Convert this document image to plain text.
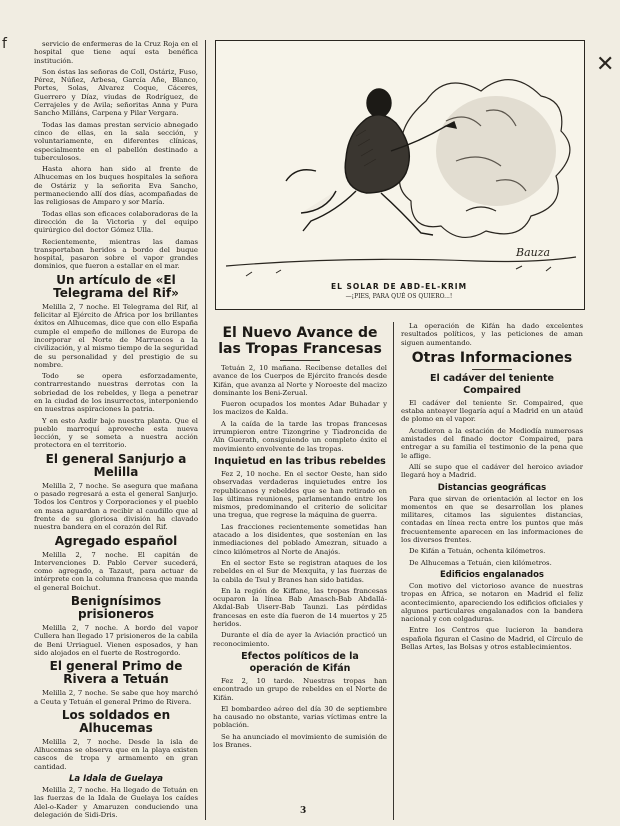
f
✕

servicio de enfermeras de la Cruz Roja en el hospital que tiene aquí esta benéfica institución.

Son éstas las señoras de Coll, Ostáriz, Fuso, Pérez, Núñez, Arbesa, García Añe, Blanco, Portes, Solas, Alvarez Coque, Cáceres, Guerrero y Díaz, viudas de Rodríguez, de Cerrajeles y de Avila; señoritas Anna y Pura Sancho Milláns, Carpena y Pilar Vergara.

Todas las damas prestan servicio abnegado cinco de ellas, en la sala sección, y voluntariamente, en diferentes clínicas, especialmente en el pabellón destinado a tuberculosos.

Hasta ahora han sido al frente de Alhucemas en los buques hospitales la señora de Ostáriz y la señorita Eva Sancho, permaneciendo allí dos días, acompañadas de las religiosas de Amparo y sor María.

Todas ellas son eficaces colaboradoras de la dirección de la Victoria y del equipo quirúrgico del doctor Gómez Ulla.

Recientemente, mientras las damas transportaban heridos a bordo del buque hospital, pasaron sobre el vapor grandes dominios, que fueron a estallar en el mar.

Un artículo de «El Telegrama del Rif»

Melilla 2, 7 noche. El Telegrama del Rif, al felicitar al Ejército de África por los brillantes éxitos en Alhucemas, dice que con ello España cumple el empeño de millones de Europa de incorporar el Norte de Marruecos a la civilización, y al mismo tiempo de la seguridad de su personalidad y del prestigio de su nombre.

Todo se opera esforzadamente, contrarrestando nuestras derrotas con la sobriedad de los rebeldes, y llega a penetrar en la ciudad de los insurrectos, interponiendo en nuestras aspiraciones la patria.

Y en esto Axdir bajo nuestra planta. Que el pueblo marroquí aproveche esta nueva lección, y se someta a nuestra acción protectora en el territorio.

El general Sanjurjo a Melilla

Melilla 2, 7 noche. Se asegura que mañana o pasado regresará a esta el general Sanjurjo. Todos los Centros y Corporaciones y el pueblo en masa aguardan a recibir al caudillo que al frente de su gloriosa división ha clavado nuestra bandera en el corazón del Rif.

Agregado español

Melilla 2, 7 noche. El capitán de Intervenciones D. Pablo Cerver sucederá, como agregado, a Tazaut, para actuar de intérprete con la columna francesa que manda el general Boichut.

Benignísimos prisioneros

Melilla 2, 7 noche. A bordo del vapor Cullera han llegado 17 prisioneros de la cabila de Beni Urriaguel. Vienen esposados, y han sido alojados en el fuerte de Rostrogordo.

El general Primo de Rivera a Tetuán

Melilla 2, 7 noche. Se sabe que hoy marchó a Ceuta y Tetuán el general Primo de Rivera.

Los soldados en Alhucemas

Melilla 2, 7 noche. Desde la isla de Alhucemas se observa que en la playa existen cascos de tropa y armamento en gran cantidad.

La Idala de Guelaya

Melilla 2, 7 noche. Ha llegado de Tetuán en las fuerzas de la Idala de Guelaya los caídes Alel-o-Kader y Amaruzen conduciendo una delegación de Sidi-Dris.

Bauza
EL SOLAR DE ABD-EL-KRIM
—¡PIES, PARA QUÉ OS QUIERO...!
El Nuevo Avance de las Tropas Francesas

Tetuán 2, 10 mañana. Recibense detalles del avance de los Cuerpos de Ejército francés desde Kifán, que avanza al Norte y Noroeste del macizo dominante los Beni-Zerual.

Fueron ocupados los montes Adar Buhadar y los macizos de Kalda.

A la caída de la tarde las tropas francesas irrumpieron entre Tizongrine y Tiadroncida de Aïn Guerath, consiguiendo un completo éxito el movimiento envolvente de las tropas.

Inquietud en las tribus rebeldes

Fez 2, 10 noche. En el sector Oeste, han sido observadas verdaderas inquietudes entre los republicanos y rebeldes que se han retirado en las últimas reuniones, parlamentando entre los mismos, predominando el criterio de solicitar una tregua, que regrese la máquina de guerra.

Las fracciones recientemente sometidas han atacado a los disidentes, que sostenían en las inmediaciones del poblado Amezran, situado a cinco kilómetros al Norte de Anajós.

En el sector Este se registran ataques de los rebeldes en el Sur de Mexquita, y las fuerzas de la cabila de Tsul y Branes han sido batidas.

En la región de Kiffane, las tropas francesas ocuparon la línea Bab Amasch-Bab Abdallá-Akdal-Bab Uiserr-Bab Taunzi. Las pérdidas francesas en este día fueron de 14 muertos y 25 heridos.

Durante el día de ayer la Aviación practicó un reconocimiento.

Efectos políticos de la operación de Kifán

Fez 2, 10 tarde. Nuestras tropas han encontrado un grupo de rebeldes en el Norte de Kifán.

El bombardeo aéreo del día 30 de septiembre ha causado no obstante, varias víctimas entre la población.

Se ha anunciado el movimiento de sumisión de los Branes.

La operación de Kifán ha dado excelentes resultados políticos, y las peticiones de aman siguen aumentando.

Otras Informaciones
El cadáver del teniente Compaired

El cadáver del teniente Sr. Compaired, que estaba anteayer llegaría aquí a Madrid en un ataúd de plomo en el vapor.

Acudieron a la estación de Mediodía numerosas amistades del finado doctor Compaired, para entregar a su familia el testimonio de la pena que le aflige.

Allí se supo que el cadáver del heroico aviador llegará hoy a Madrid.

Distancias geográficas

Para que sirvan de orientación al lector en los momentos en que se desarrollan los planes militares, citamos las siguientes distancias, contadas en línea recta entre los puntos que más frecuentemente aparecen en las informaciones de los diversos frentes.

De Kifán a Tetuán, ochenta kilómetros.

De Alhucemas a Tetuán, cien kilómetros.

Edificios engalanados

Con motivo del victorioso avance de nuestras tropas en África, se notaron en Madrid el feliz acontecimiento, apareciendo los edificios oficiales y algunos particulares engalanados con la bandera nacional y con colgaduras.

Entre los Centros que lucieron la bandera española figuran el Casino de Madrid, el Círculo de Bellas Artes, las Bolsas y otros establecimientos.

3
